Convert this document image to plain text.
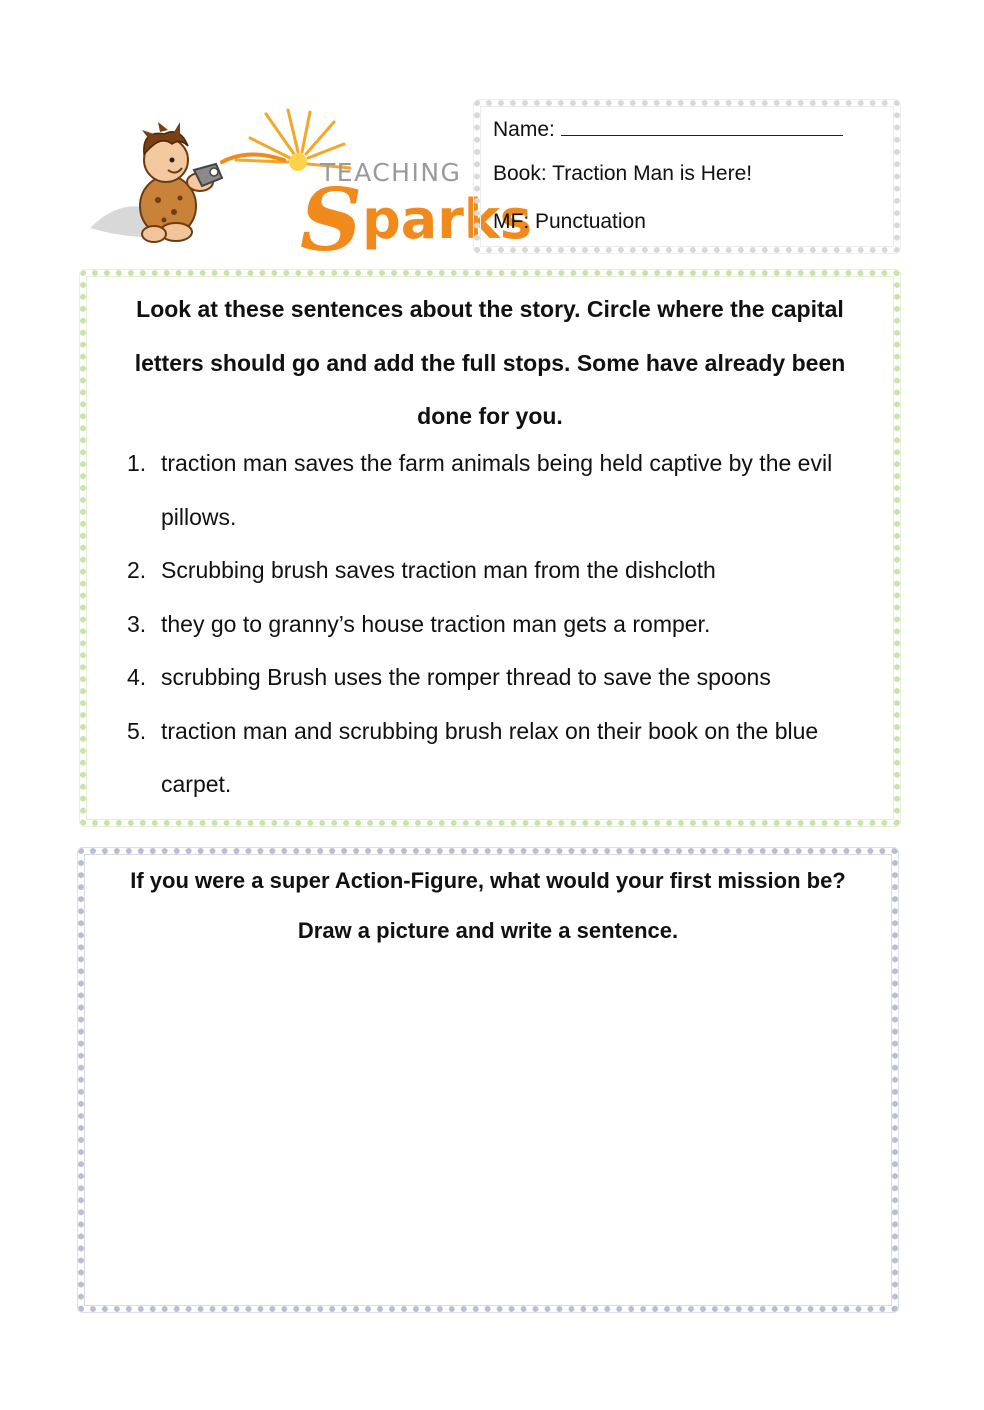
TEACHING
Sparks
Name:
Book: Traction Man is Here!
MF: Punctuation
Look at these sentences about the story. Circle where the capital letters should go and add the full stops. Some have already been done for you.
1. traction man saves the farm animals being held captive by the evil pillows.
2. Scrubbing brush saves traction man from the dishcloth
3. they go to granny’s house traction man gets a romper.
4. scrubbing Brush uses the romper thread to save the spoons
5. traction man and scrubbing brush relax on their book on the blue carpet.
If you were a super Action-Figure, what would your first mission be?
Draw a picture and write a sentence.
